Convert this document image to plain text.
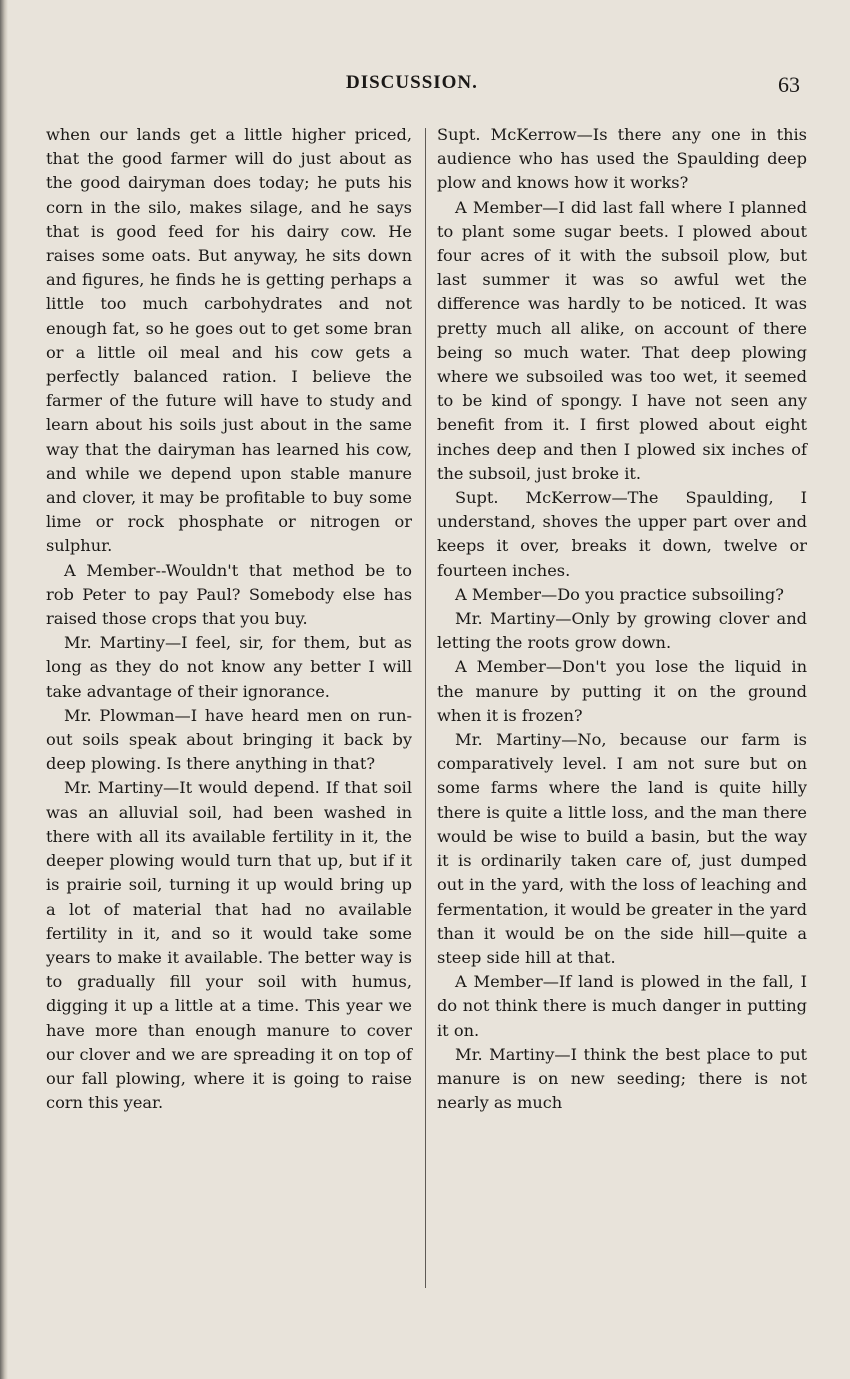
DISCUSSION.	63

when our lands get a little higher priced, that the good farmer will do just about as the good dairyman does today; he puts his corn in the silo, makes silage, and he says that is good feed for his dairy cow. He raises some oats. But anyway, he sits down and figures, he finds he is getting perhaps a little too much carbohydrates and not enough fat, so he goes out to get some bran or a little oil meal and his cow gets a perfectly balanced ration. I believe the farmer of the future will have to study and learn about his soils just about in the same way that the dairyman has learned his cow, and while we depend upon stable manure and clover, it may be profitable to buy some lime or rock phosphate or nitrogen or sulphur.

A Member--Wouldn't that method be to rob Peter to pay Paul? Somebody else has raised those crops that you buy.

Mr. Martiny—I feel, sir, for them, but as long as they do not know any better I will take advantage of their ignorance.

Mr. Plowman—I have heard men on run-out soils speak about bringing it back by deep plowing. Is there anything in that?

Mr. Martiny—It would depend. If that soil was an alluvial soil, had been washed in there with all its available fertility in it, the deeper plowing would turn that up, but if it is prairie soil, turning it up would bring up a lot of material that had no available fertility in it, and so it would take some years to make it available. The better way is to gradually fill your soil with humus, digging it up a little at a time. This year we have more than enough manure to cover our clover and we are spreading it on top of our fall plowing, where it is going to raise corn this year.

Supt. McKerrow—Is there any one in this audience who has used the Spaulding deep plow and knows how it works?

A Member—I did last fall where I planned to plant some sugar beets. I plowed about four acres of it with the subsoil plow, but last summer it was so awful wet the difference was hardly to be noticed. It was pretty much all alike, on account of there being so much water. That deep plowing where we subsoiled was too wet, it seemed to be kind of spongy. I have not seen any benefit from it. I first plowed about eight inches deep and then I plowed six inches of the subsoil, just broke it.

Supt. McKerrow—The Spaulding, I understand, shoves the upper part over and keeps it over, breaks it down, twelve or fourteen inches.

A Member—Do you practice subsoiling?

Mr. Martiny—Only by growing clover and letting the roots grow down.

A Member—Don't you lose the liquid in the manure by putting it on the ground when it is frozen?

Mr. Martiny—No, because our farm is comparatively level. I am not sure but on some farms where the land is quite hilly there is quite a little loss, and the man there would be wise to build a basin, but the way it is ordinarily taken care of, just dumped out in the yard, with the loss of leaching and fermentation, it would be greater in the yard than it would be on the side hill—quite a steep side hill at that.

A Member—If land is plowed in the fall, I do not think there is much danger in putting it on.

Mr. Martiny—I think the best place to put manure is on new seeding; there is not nearly as much
